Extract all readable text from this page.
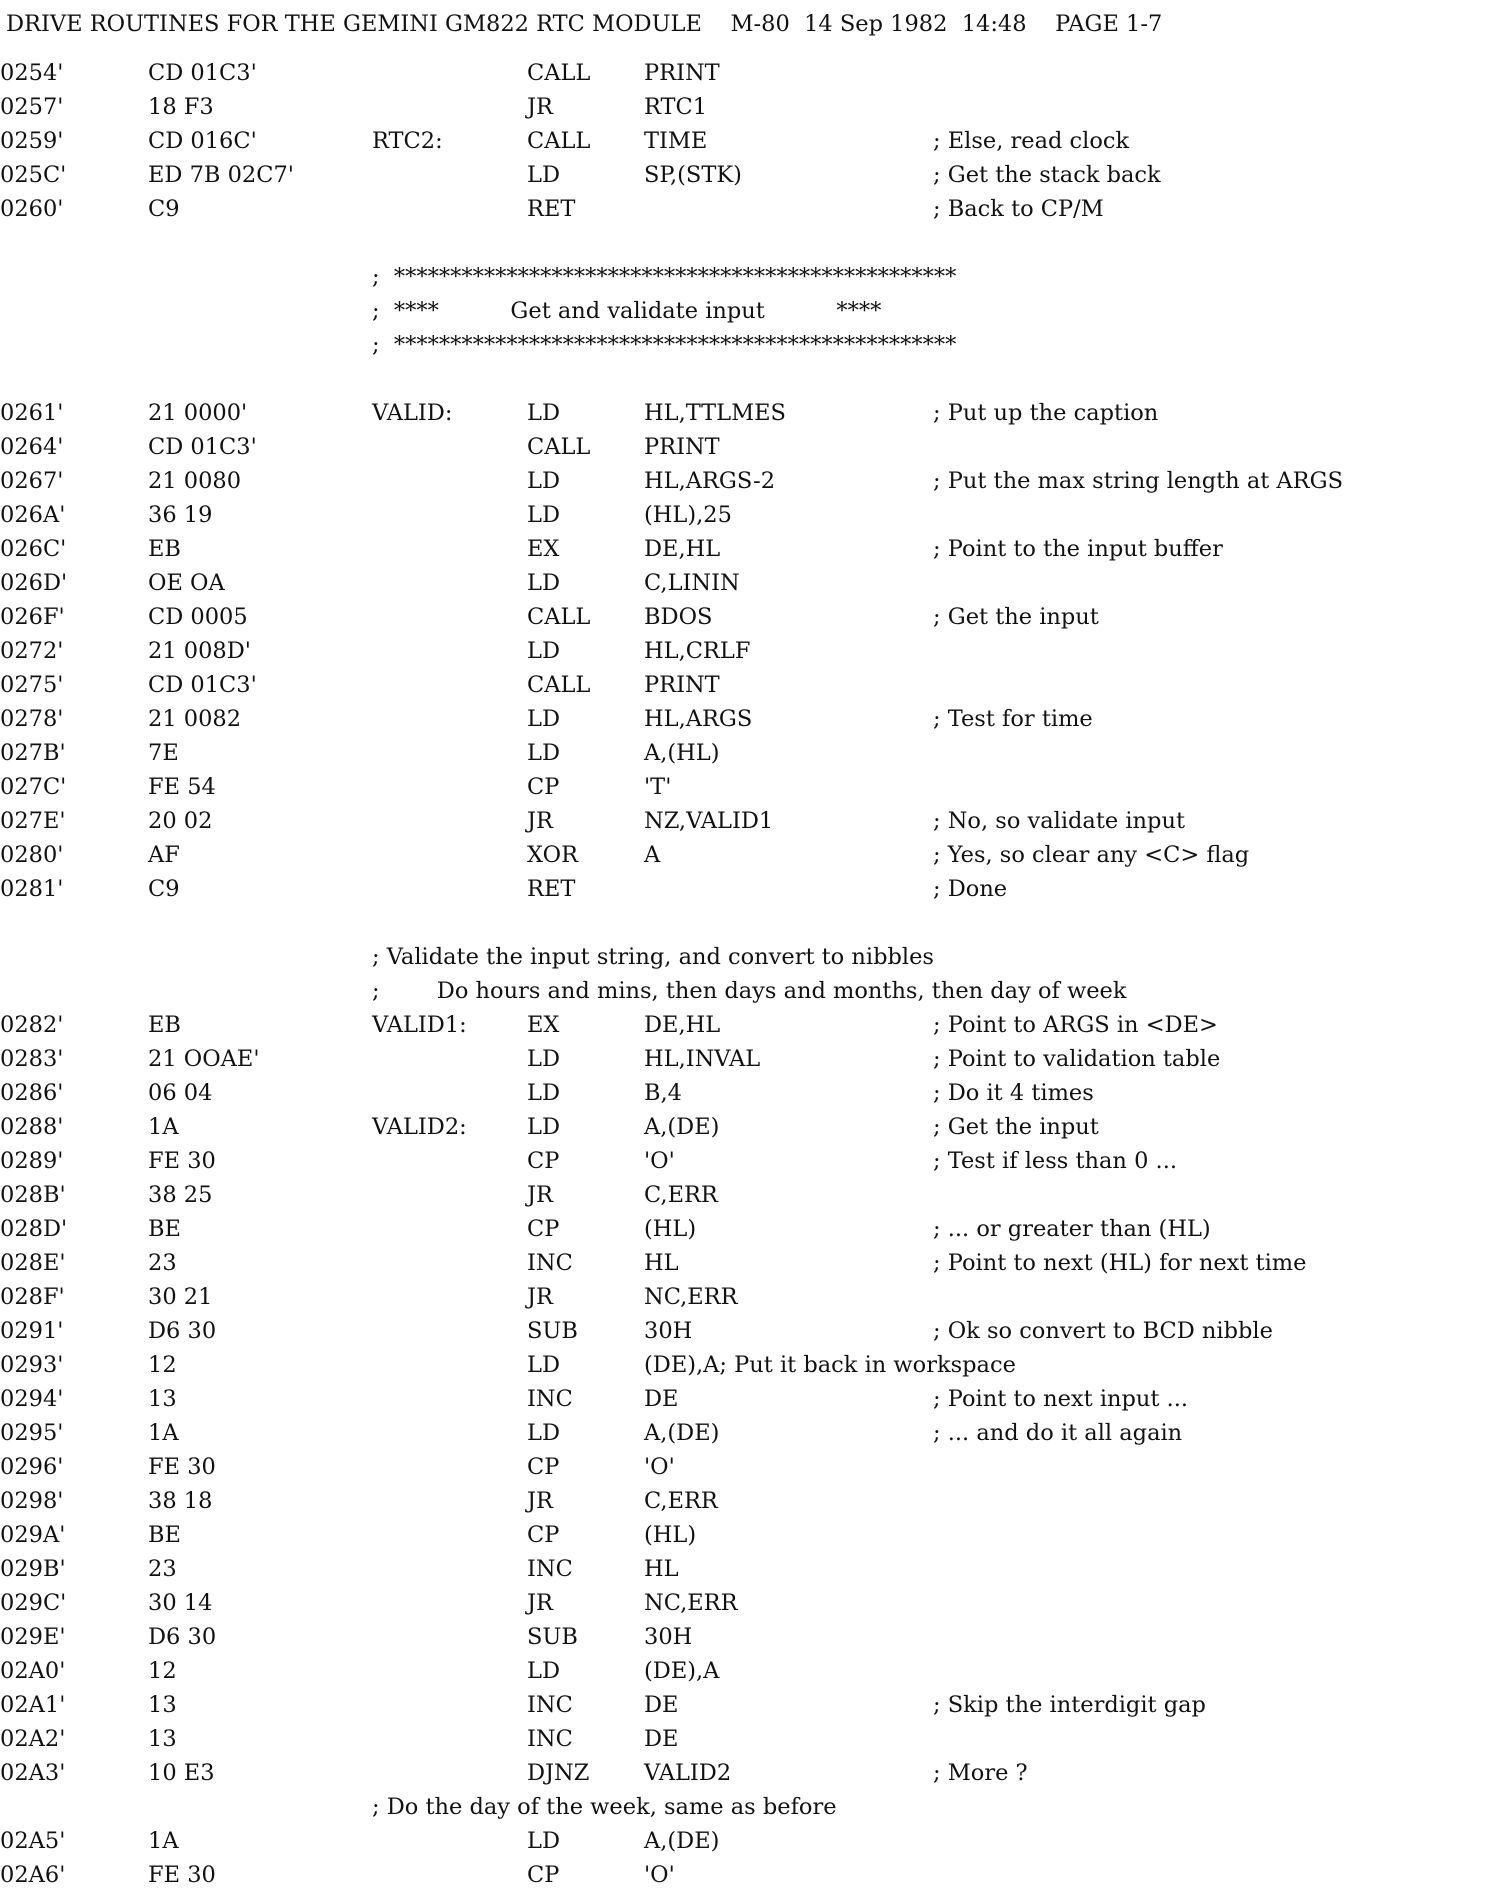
DRIVE ROUTINES FOR THE GEMINI GM822 RTC MODULE    M-80  14 Sep 1982  14:48    PAGE 1-7
0254'	CD 01C3'	CALL PRINT
0257'	18 F3	JR	RTC1
0259'	CD 016C'	RTC2:	CALL TIME	; Else, read clock
025C'	ED 7B 02C7'	LD	SP,(STK)	; Get the stack back
0260'	C9	RET	; Back to CP/M
;  **************************************************
;  ****          Get and validate input          ****
;  **************************************************
0261'	21 0000'	VALID:	LD	HL,TTLMES	; Put up the caption
0264'	CD 01C3'	CALL PRINT
0267'	21 0080	LD	HL,ARGS-2	; Put the max string length at ARGS
026A'	36 19	LD	(HL),25
026C'	EB	EX	DE,HL	; Point to the input buffer
026D'	OE OA	LD	C,LININ
026F'	CD 0005	CALL BDOS	; Get the input
0272'	21 008D'	LD	HL,CRLF
0275'	CD 01C3'	CALL PRINT
0278'	21 0082	LD	HL,ARGS	; Test for time
027B'	7E	LD	A,(HL)
027C'	FE 54	CP	'T'
027E'	20 02	JR	NZ,VALID1	; No, so validate input
0280'	AF	XOR	A	; Yes, so clear any <C> flag
0281'	C9	RET	; Done
; Validate the input string, and convert to nibbles
;        Do hours and mins, then days and months, then day of week
0282'	EB	VALID1:	EX	DE,HL	; Point to ARGS in <DE>
0283'	21 OOAE'	LD	HL,INVAL	; Point to validation table
0286'	06 04	LD	B,4	; Do it 4 times
0288'	1A	VALID2:	LD	A,(DE)	; Get the input
0289'	FE 30	CP	'O'	; Test if less than 0 ...
028B'	38 25	JR	C,ERR
028D'	BE	CP	(HL)	; ... or greater than (HL)
028E'	23	INC	HL	; Point to next (HL) for next time
028F'	30 21	JR	NC,ERR
0291'	D6 30	SUB	30H	; Ok so convert to BCD nibble
0293'	12	LD	(DE),A; Put it back in workspace
0294'	13	INC	DE	; Point to next input ...
0295'	1A	LD	A,(DE)	; ... and do it all again
0296'	FE 30	CP	'O'
0298'	38 18	JR	C,ERR
029A'	BE	CP	(HL)
029B'	23	INC	HL
029C'	30 14	JR	NC,ERR
029E'	D6 30	SUB	30H
02A0'	12	LD	(DE),A
02A1'	13	INC	DE	; Skip the interdigit gap
02A2'	13	INC	DE
02A3'	10 E3	DJNZ VALID2	; More ?
; Do the day of the week, same as before
02A5'	1A	LD	A,(DE)
02A6'	FE 30	CP	'O'
